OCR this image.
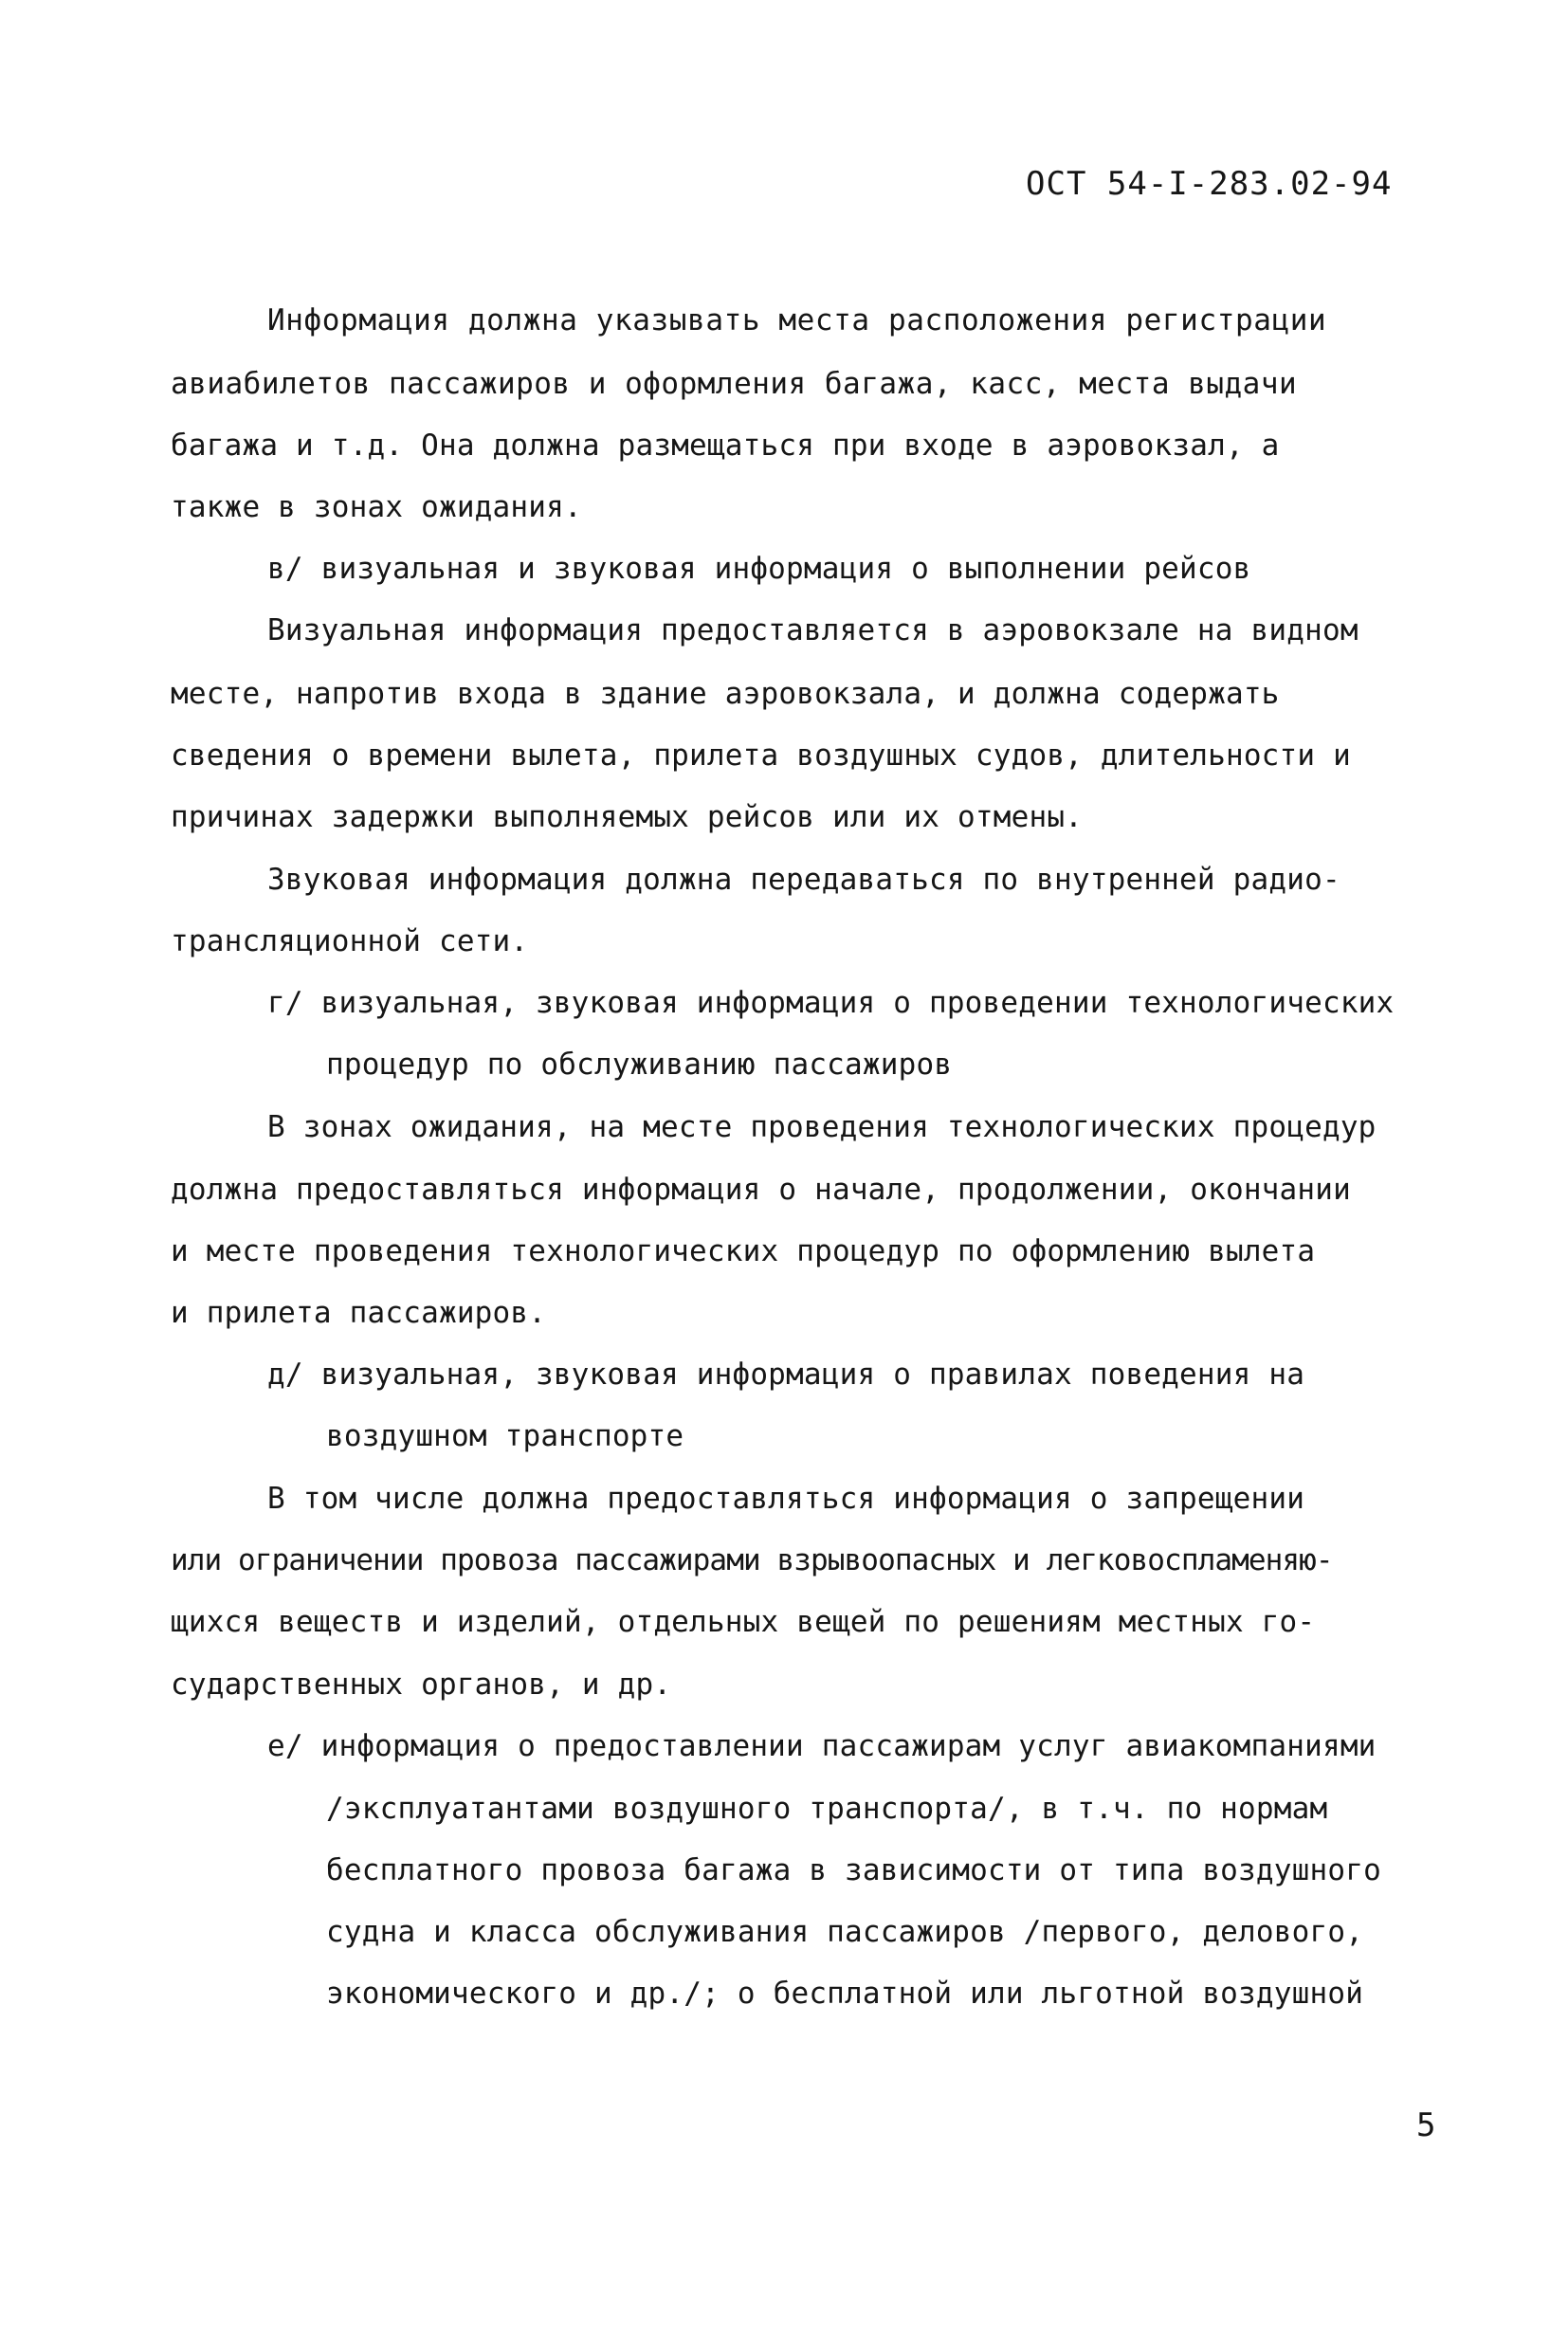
ОСТ 54-I-283.02-94
Информация должна указывать места расположения регистрации
авиабилетов пассажиров и оформления багажа, касс, места выдачи
багажа и т.д. Она должна размещаться при входе в аэровокзал, а
также в зонах ожидания.
в/ визуальная и звуковая информация о выполнении рейсов
Визуальная информация предоставляется в аэровокзале на видном
месте, напротив входа в здание аэровокзала, и должна содержать
сведения о времени вылета, прилета воздушных судов, длительности и
причинах задержки выполняемых рейсов или их отмены.
Звуковая информация должна передаваться по внутренней радио-
трансляционной сети.
г/ визуальная, звуковая информация о проведении технологических
процедур по обслуживанию пассажиров
В зонах ожидания, на месте проведения технологических процедур
должна предоставляться информация о начале, продолжении, окончании
и месте проведения технологических процедур по оформлению вылета
и прилета пассажиров.
д/ визуальная, звуковая информация о правилах поведения на
воздушном транспорте
В том числе должна предоставляться информация о запрещении
или ограничении провоза пассажирами взрывоопасных и легковоспламеняю-
щихся веществ и изделий, отдельных вещей по решениям местных го-
сударственных органов, и др.
е/ информация о предоставлении пассажирам услуг авиакомпаниями
/эксплуатантами воздушного транспорта/, в т.ч. по нормам
бесплатного провоза багажа в зависимости от типа воздушного
судна и класса обслуживания пассажиров /первого, делового,
экономического и др./; о бесплатной или льготной воздушной
5
